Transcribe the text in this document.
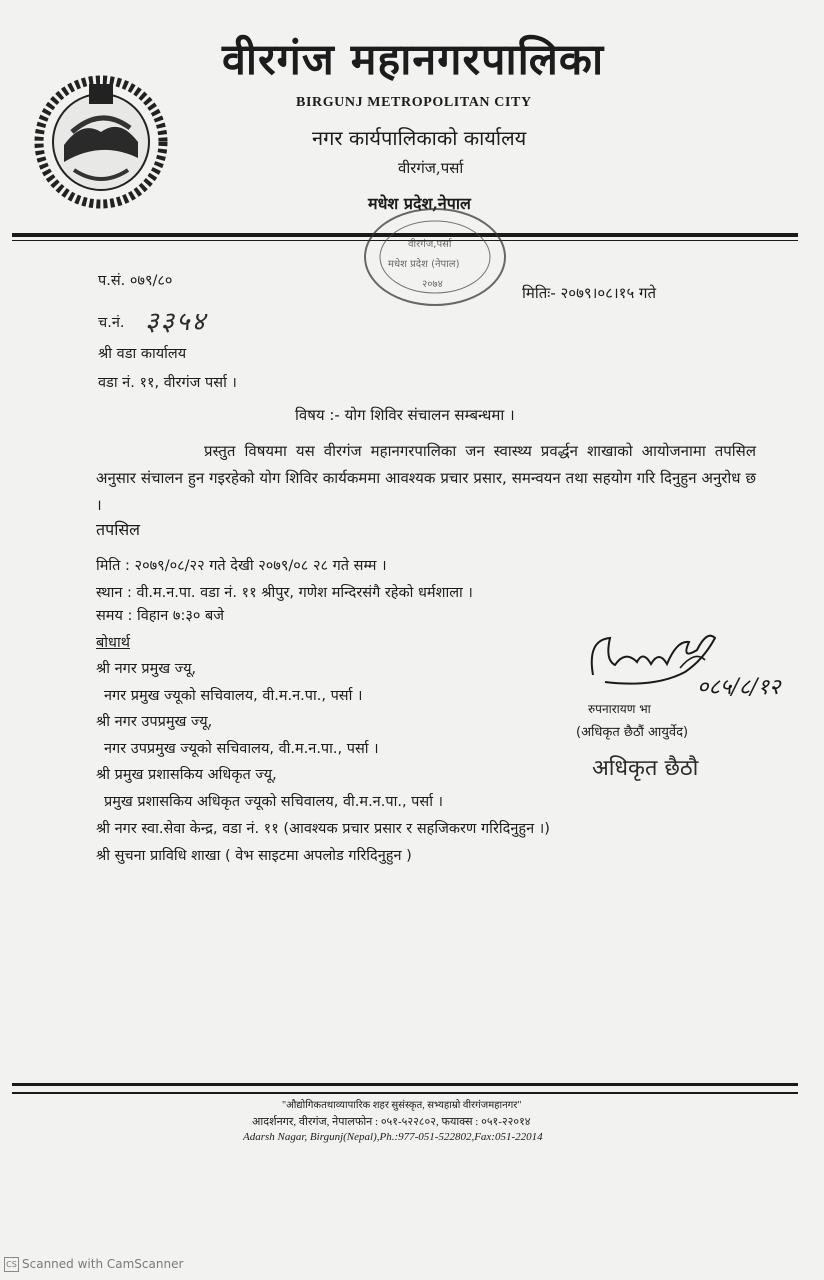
वीरगंज महानगरपालिका
BIRGUNJ METROPOLITAN CITY
नगर कार्यपालिकाको कार्यालय
वीरगंज,पर्सा
मधेश प्रदेश,नेपाल
वीरगंज,पर्सा
मधेश प्रदेश (नेपाल)
२०७४
प.सं. ०७९/८०
मितिः- २०७९।०८।१५ गते
च.नं. ३३५४
श्री वडा कार्यालय
वडा नं. ११, वीरगंज पर्सा ।
विषय :- योग शिविर संचालन सम्बन्धमा ।
प्रस्तुत विषयमा यस वीरगंज महानगरपालिका जन स्वास्थ्य प्रवर्द्धन शाखाको आयोजनामा तपसिल अनुसार संचालन हुन गइरहेको योग शिविर कार्यकममा आवश्यक प्रचार प्रसार, समन्वयन तथा सहयोग गरि दिनुहुन अनुरोध छ ।
तपसिल
मिति : २०७९/०८/२२ गते देखी २०७९/०८ २८ गते सम्म ।
स्थान : वी.म.न.पा. वडा नं. ११ श्रीपुर, गणेश मन्दिरसंगै रहेको धर्मशाला ।
समय : विहान ७:३० बजे
बोधार्थ
श्री नगर प्रमुख ज्यू,
नगर प्रमुख ज्यूको सचिवालय, वी.म.न.पा., पर्सा ।
श्री नगर उपप्रमुख ज्यू,
नगर उपप्रमुख ज्यूको सचिवालय, वी.म.न.पा., पर्सा ।
श्री प्रमुख प्रशासकिय अधिकृत ज्यू,
प्रमुख प्रशासकिय अधिकृत ज्यूको सचिवालय, वी.म.न.पा., पर्सा ।
श्री नगर स्वा.सेवा केन्द्र, वडा नं. ११ (आवश्यक प्रचार प्रसार र सहजिकरण गरिदिनुहुन ।)
श्री सुचना प्राविधि शाखा ( वेभ साइटमा अपलोड गरिदिनुहुन )
०८५/८/१२
रुपनारायण भा
(अधिकृत छैठौं आयुर्वेद)
अधिकृत छैठौ
"औद्योगिकतथाव्यापारिक शहर सुसंस्कृत, सभ्यहाम्रो वीरगंजमहानगर"
आदर्शनगर, वीरगंज, नेपालफोन : ०५१-५२२८०२, फयाक्स : ०५१-२२०१४
Adarsh Nagar, Birgunj(Nepal),Ph.:977-051-522802,Fax:051-22014
CS Scanned with CamScanner
